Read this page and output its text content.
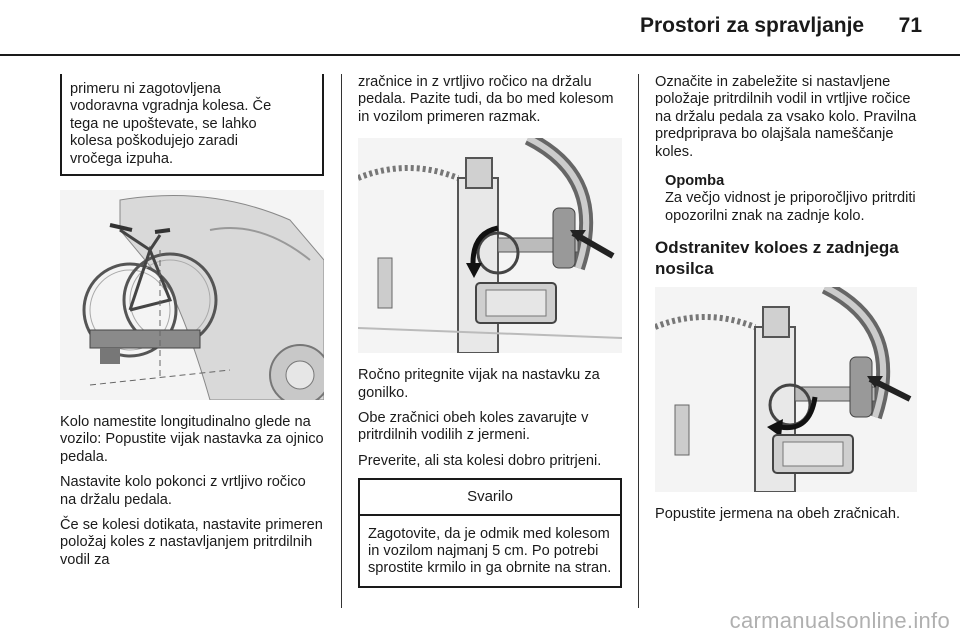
Prostori za spravljanje 71
primeru ni zagotovljena
vodoravna vgradnja kolesa. Če
tega ne upoštevate, se lahko
kolesa poškodujejo zaradi
vročega izpuha.

Kolo namestite longitudinalno glede na vozilo: Popustite vijak nastavka za ojnico pedala.

Nastavite kolo pokonci z vrtljivo ročico na držalu pedala.

Če se kolesi dotikata, nastavite primeren položaj koles z nastavljanjem pritrdilnih vodil za

zračnice in z vrtljivo ročico na držalu pedala. Pazite tudi, da bo med kolesom in vozilom primeren razmak.

Ročno pritegnite vijak na nastavku za gonilko.

Obe zračnici obeh koles zavarujte v pritrdilnih vodilih z jermeni.

Preverite, ali sta kolesi dobro pritrjeni.

Svarilo
Zagotovite, da je odmik med kolesom in vozilom najmanj 5 cm. Po potrebi sprostite krmilo in ga obrnite na stran.

Označite in zabeležite si nastavljene položaje pritrdilnih vodil in vrtljive ročice na držalu pedala za vsako kolo. Pravilna predpriprava bo olajšala nameščanje koles.

Opomba
Za večjo vidnost je priporočljivo pritrditi opozorilni znak na zadnje kolo.
Odstranitev koloes z zadnjega nosilca

Popustite jermena na obeh zračnicah.

carmanualsonline.info
